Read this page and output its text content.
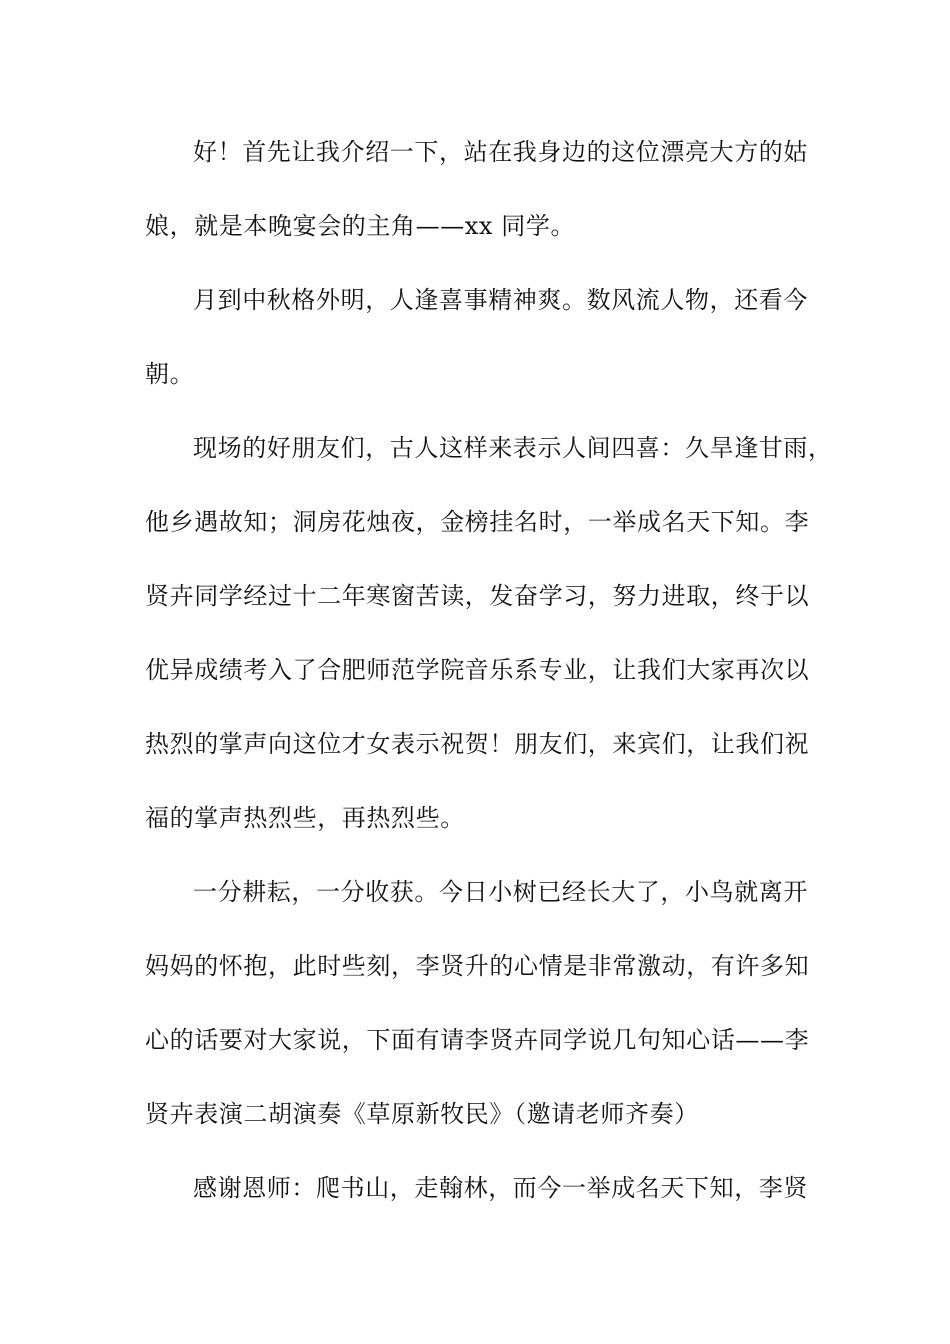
好！首先让我介绍一下，站在我身边的这位漂亮大方的姑
娘，就是本晚宴会的主角——xx 同学。
月到中秋格外明，人逢喜事精神爽。数风流人物，还看今
朝。
现场的好朋友们，古人这样来表示人间四喜：久旱逢甘雨，
他乡遇故知；洞房花烛夜，金榜挂名时，一举成名天下知。李
贤卉同学经过十二年寒窗苦读，发奋学习，努力进取，终于以
优异成绩考入了合肥师范学院音乐系专业，让我们大家再次以
热烈的掌声向这位才女表示祝贺！朋友们，来宾们，让我们祝
福的掌声热烈些，再热烈些。
一分耕耘，一分收获。今日小树已经长大了，小鸟就离开
妈妈的怀抱，此时些刻，李贤升的心情是非常激动，有许多知
心的话要对大家说，下面有请李贤卉同学说几句知心话——李
贤卉表演二胡演奏《草原新牧民》（邀请老师齐奏）
感谢恩师：爬书山，走翰林，而今一举成名天下知，李贤
